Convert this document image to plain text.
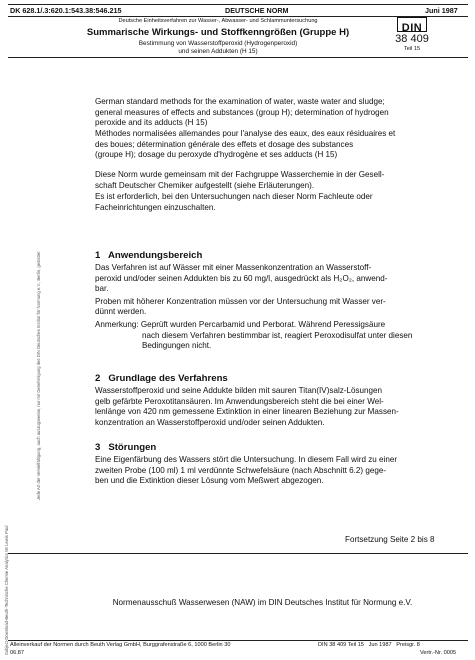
DK 628.1/.3:620.1:543.38:546.215	DEUTSCHE NORM	Juni 1987
Deutsche Einheitsverfahren zur Wasser-, Abwasser- und Schlammuntersuchung
Summarische Wirkungs- und Stoffkenngrößen (Gruppe H)
Bestimmung von Wasserstoffperoxid (Hydrogenperoxid)
und seinen Addukten (H 15)
DIN
38 409
Teil 15
German standard methods for the examination of water, waste water and sludge;
general measures of effects and substances (group H); determination of hydrogen
peroxide and its adducts (H 15)
Méthodes normalisées allemandes pour l'analyse des eaux, des eaux résiduaires et
des boues; détermination générale des effets et dosage des substances
(groupe H); dosage du peroxyde d'hydrogène et ses adducts (H 15)
Diese Norm wurde gemeinsam mit der Fachgruppe Wasserchemie in der Gesell-
schaft Deutscher Chemiker aufgestellt (siehe Erläuterungen).
Es ist erforderlich, bei den Untersuchungen nach dieser Norm Fachleute oder
Facheinrichtungen einzuschalten.
1   Anwendungsbereich
Das Verfahren ist auf Wässer mit einer Massenkonzentration an Wasserstoff-
peroxid und/oder seinen Addukten bis zu 60 mg/l, ausgedrückt als H₂O₂, anwend-
bar.
Proben mit höherer Konzentration müssen vor der Untersuchung mit Wasser ver-
dünnt werden.
Anmerkung: Geprüft wurden Percarbamid und Perborat. Während Peressigsäure
nach diesem Verfahren bestimmbar ist, reagiert Peroxodisulfat unter diesen
Bedingungen nicht.
2   Grundlage des Verfahrens
Wasserstoffperoxid und seine Addukte bilden mit sauren Titan(IV)salz-Lösungen
gelb gefärbte Peroxotitansäuren. Im Anwendungsbereich steht die bei einer Wel-
lenlänge von 420 nm gemessene Extinktion in einer linearen Beziehung zur Massen-
konzentration an Wasserstoffperoxid und/oder seinen Addukten.
3   Störungen
Eine Eigenfärbung des Wassers stört die Untersuchung. In diesem Fall wird zu einer
zweiten Probe (100 ml) 1 ml verdünnte Schwefelsäure (nach Abschnitt 6.2) gege-
ben und die Extinktion dieser Lösung vom Meßwert abgezogen.
Fortsetzung Seite 2 bis 8
Normenausschuß Wasserwesen (NAW) im DIN Deutsches Institut für Normung e.V.
Alleinverkauf der Normen durch Beuth Verlag GmbH, Burggrafenstraße 6, 1000 Berlin 30
06.87
DIN 38 409 Teil 15   Jun 1987   Preisgr. 8
Vertr.-Nr. 0005
Jede Art der Vervielfältigung, auch auszugsweise, nur mit Genehmigung des DIN Deutsches Institut für Normung e.V., Berlin, gestattet
Subject-Download-Beuth-Technische Chemie Analytics Mr Lewis Paul
